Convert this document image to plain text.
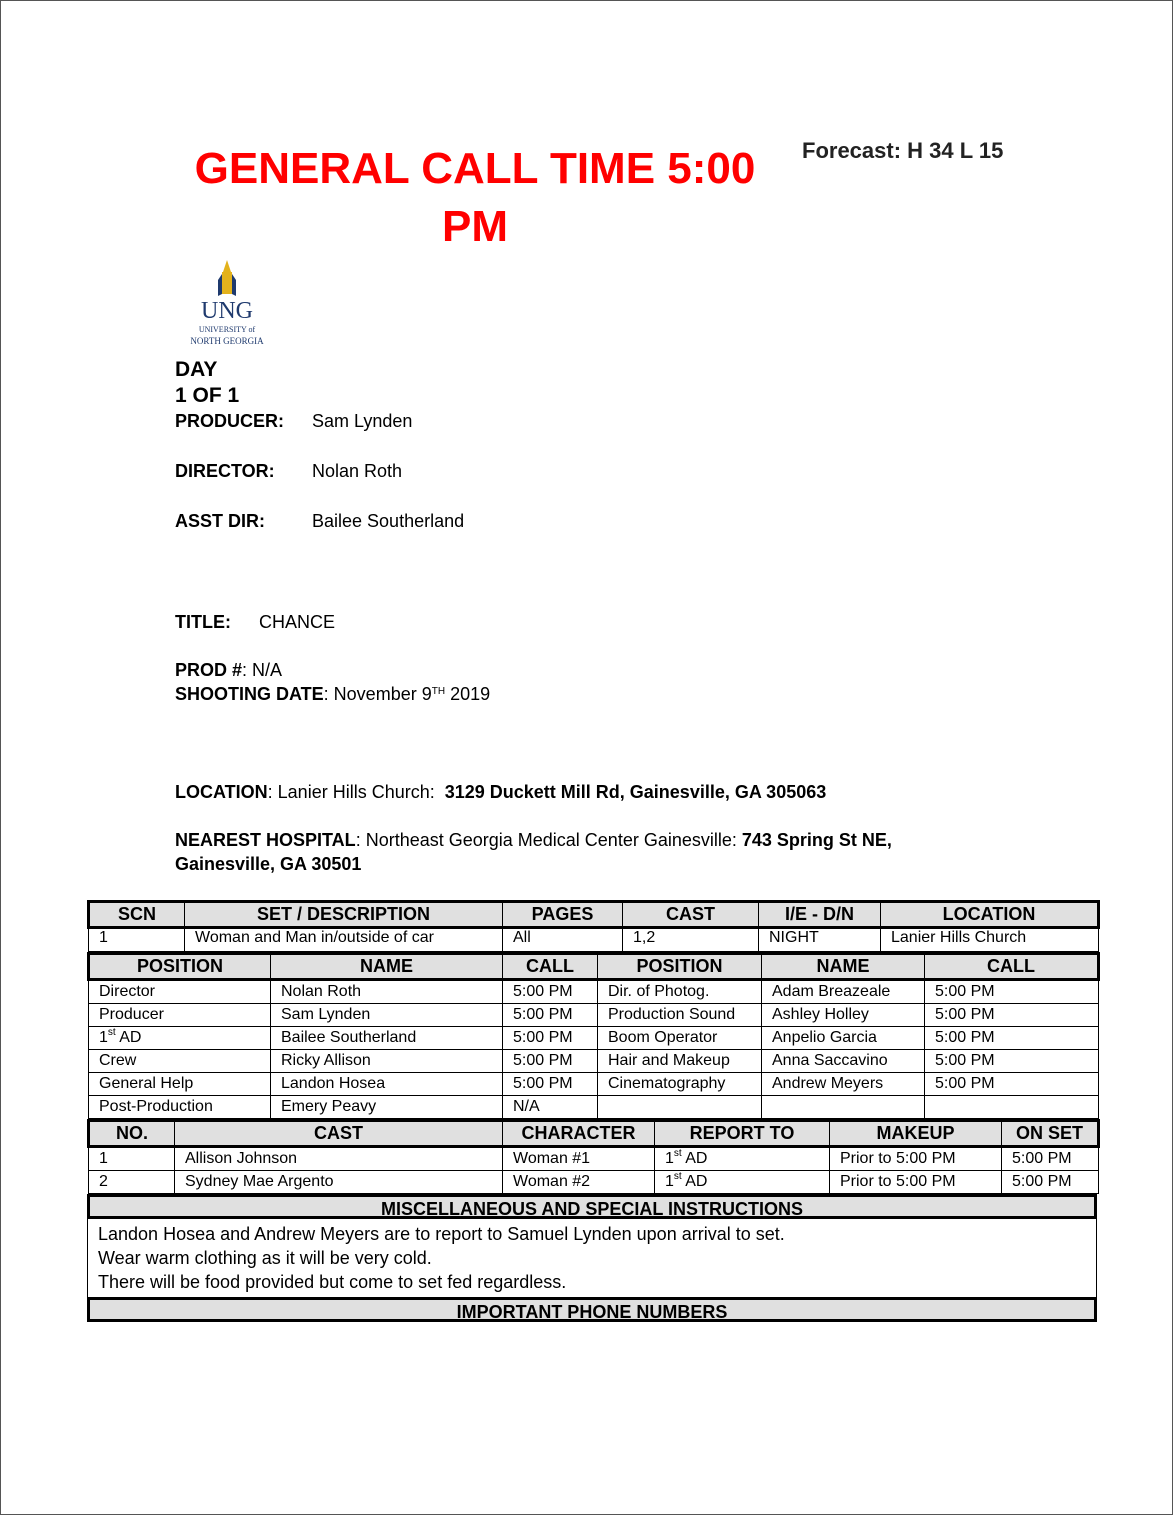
GENERAL CALL TIME 5:00 PM
Forecast: H 34 L 15
UNG
UNIVERSITY of
NORTH GEORGIA
DAY
1 OF 1
PRODUCER: Sam Lynden
DIRECTOR: Nolan Roth
ASST DIR:	Bailee Southerland
TITLE: CHANCE
PROD #: N/A
SHOOTING DATE: November 9TH 2019
LOCATION: Lanier Hills Church:  3129 Duckett Mill Rd, Gainesville, GA 305063
NEAREST HOSPITAL: Northeast Georgia Medical Center Gainesville: 743 Spring St NE,
Gainesville, GA 30501
SCN	SET / DESCRIPTION	PAGES	CAST	I/E - D/N	LOCATION
1	Woman and Man in/outside of car	All	1,2	NIGHT	Lanier Hills Church
POSITION	NAME	CALL	POSITION	NAME	CALL
Director	Nolan Roth	5:00 PM	Dir. of Photog.	Adam Breazeale	5:00 PM
Producer	Sam Lynden	5:00 PM	Production Sound	Ashley Holley	5:00 PM
1st AD	Bailee Southerland	5:00 PM	Boom Operator	Anpelio Garcia	5:00 PM
Crew	Ricky Allison	5:00 PM	Hair and Makeup	Anna Saccavino	5:00 PM
General Help	Landon Hosea	5:00 PM	Cinematography	Andrew Meyers	5:00 PM
Post-Production	Emery Peavy	N/A			
NO.	CAST	CHARACTER	REPORT TO	MAKEUP	ON SET
1	Allison Johnson	Woman #1	1st AD	Prior to 5:00 PM	5:00 PM
2	Sydney Mae Argento	Woman #2	1st AD	Prior to 5:00 PM	5:00 PM
MISCELLANEOUS AND SPECIAL INSTRUCTIONS
Landon Hosea and Andrew Meyers are to report to Samuel Lynden upon arrival to set.
Wear warm clothing as it will be very cold.
There will be food provided but come to set fed regardless.
IMPORTANT PHONE NUMBERS
